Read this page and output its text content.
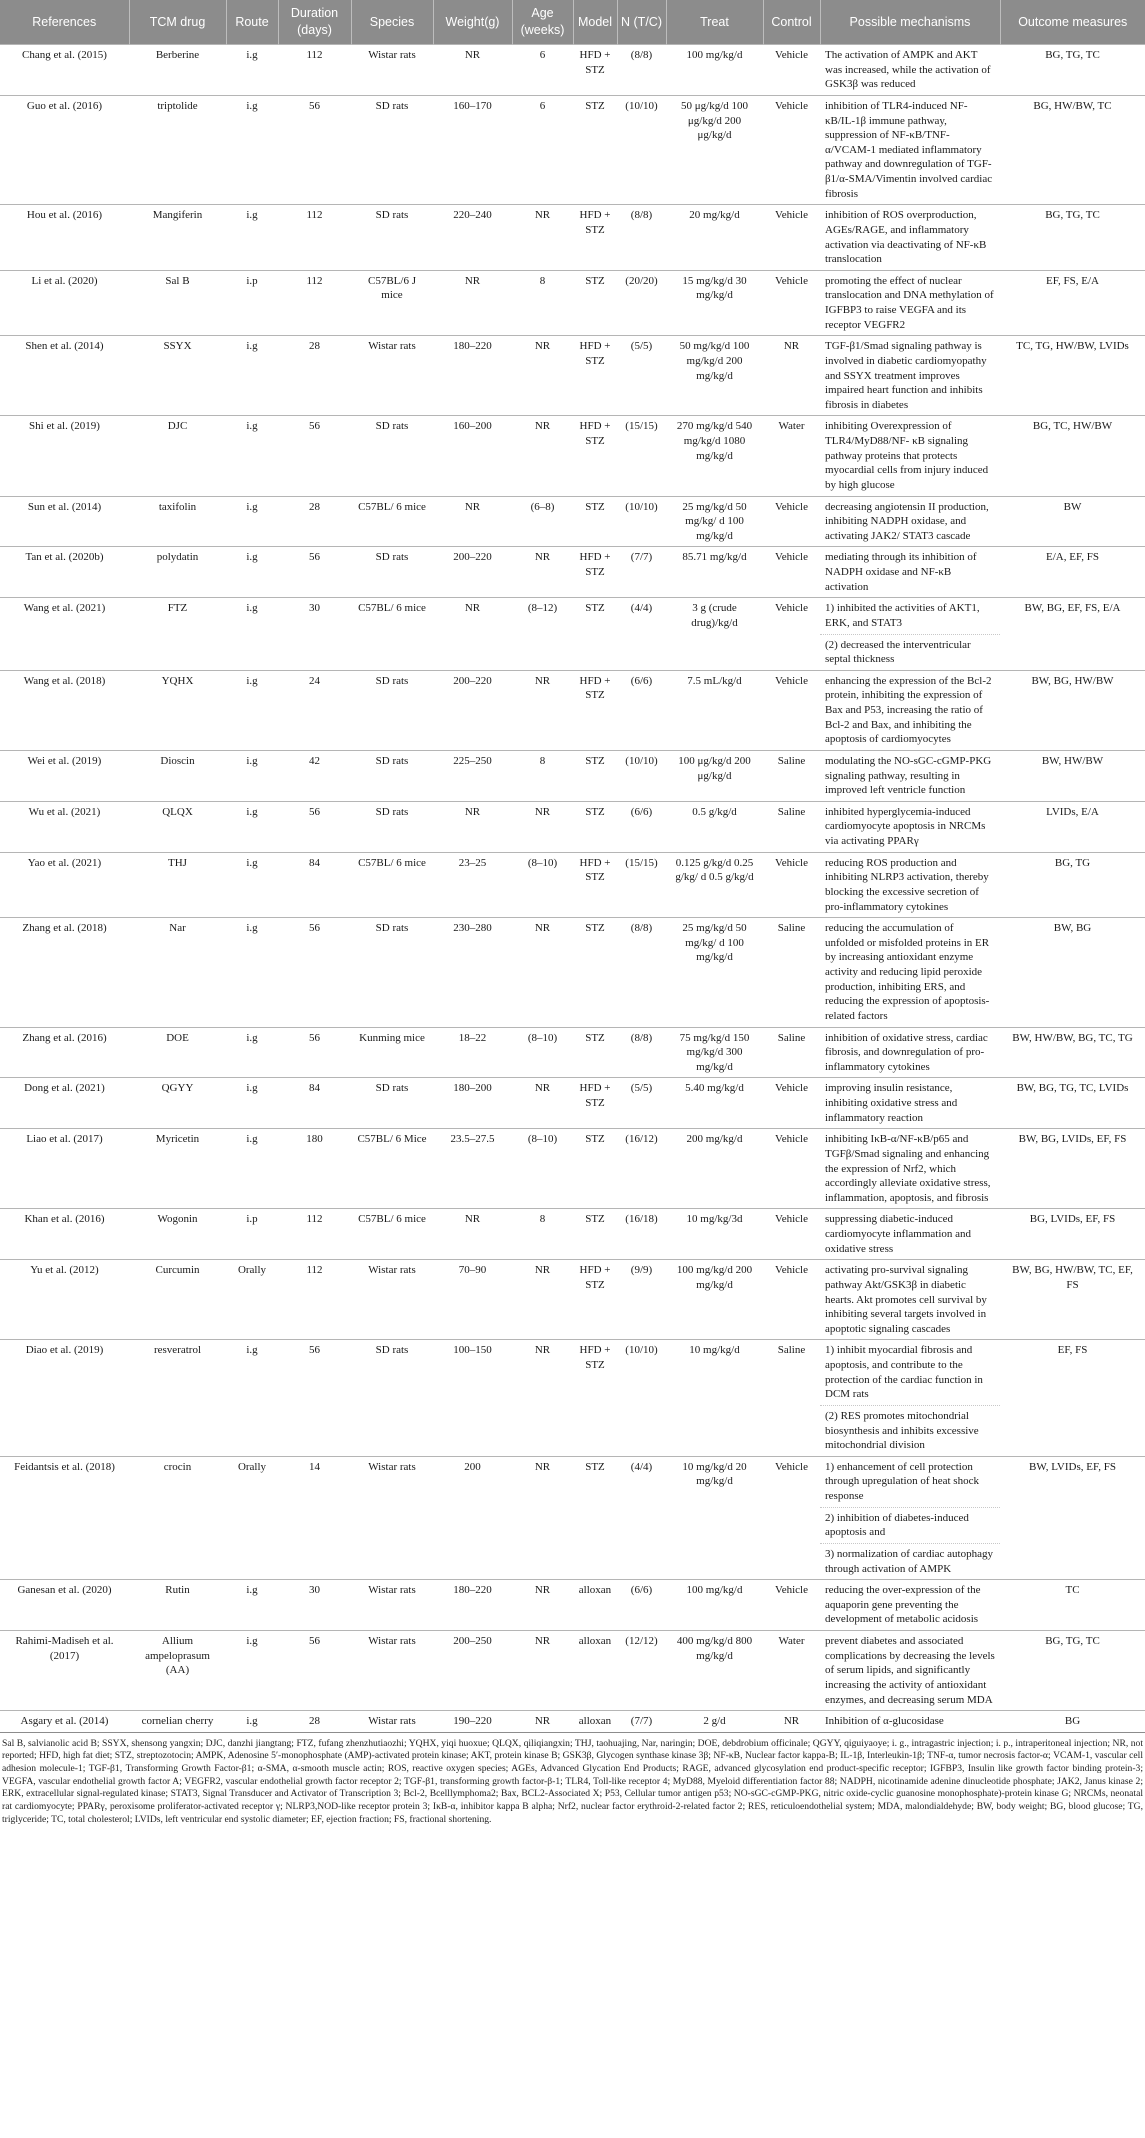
References	TCM drug	Route	Duration (days)	Species	Weight(g)	Age (weeks)	Model	N (T/C)	Treat	Control	Possible mechanisms	Outcome measures
Chang et al. (2015)	Berberine	i.g	112	Wistar rats	NR	6	HFD + STZ	(8/8)	100 mg/kg/d	Vehicle	The activation of AMPK and AKT was increased, while the activation of GSK3β was reduced	BG, TG, TC
Guo et al. (2016)	triptolide	i.g	56	SD rats	160–170	6	STZ	(10/10)	50 μg/kg/d 100 μg/kg/d 200 μg/kg/d	Vehicle	inhibition of TLR4-induced NF-κB/IL-1β immune pathway, suppression of NF-κB/TNF-α/VCAM-1 mediated inflammatory pathway and downregulation of TGF-β1/α-SMA/Vimentin involved cardiac fibrosis	BG, HW/BW, TC
Hou et al. (2016)	Mangiferin	i.g	112	SD rats	220–240	NR	HFD + STZ	(8/8)	20 mg/kg/d	Vehicle	inhibition of ROS overproduction, AGEs/RAGE, and inflammatory activation via deactivating of NF-κB translocation	BG, TG, TC
Li et al. (2020)	Sal B	i.p	112	C57BL/6 J mice	NR	8	STZ	(20/20)	15 mg/kg/d 30 mg/kg/d	Vehicle	promoting the effect of nuclear translocation and DNA methylation of IGFBP3 to raise VEGFA and its receptor VEGFR2	EF, FS, E/A
Shen et al. (2014)	SSYX	i.g	28	Wistar rats	180–220	NR	HFD + STZ	(5/5)	50 mg/kg/d 100 mg/kg/d 200 mg/kg/d	NR	TGF-β1/Smad signaling pathway is involved in diabetic cardiomyopathy and SSYX treatment improves impaired heart function and inhibits fibrosis in diabetes	TC, TG, HW/BW, LVIDs
Shi et al. (2019)	DJC	i.g	56	SD rats	160–200	NR	HFD + STZ	(15/15)	270 mg/kg/d 540 mg/kg/d 1080 mg/kg/d	Water	inhibiting Overexpression of TLR4/MyD88/NF- κB signaling pathway proteins that protects myocardial cells from injury induced by high glucose	BG, TC, HW/BW
Sun et al. (2014)	taxifolin	i.g	28	C57BL/ 6 mice	NR	(6–8)	STZ	(10/10)	25 mg/kg/d 50 mg/kg/ d 100 mg/kg/d	Vehicle	decreasing angiotensin II production, inhibiting NADPH oxidase, and activating JAK2/ STAT3 cascade	BW
Tan et al. (2020b)	polydatin	i.g	56	SD rats	200–220	NR	HFD + STZ	(7/7)	85.71 mg/kg/d	Vehicle	mediating through its inhibition of NADPH oxidase and NF-κB activation	E/A, EF, FS
Wang et al. (2021)	FTZ	i.g	30	C57BL/ 6 mice	NR	(8–12)	STZ	(4/4)	3 g (crude drug)/kg/d	Vehicle	1) inhibited the activities of AKT1, ERK, and STAT3	BW, BG, EF, FS, E/A
											(2) decreased the interventricular septal thickness	
Wang et al. (2018)	YQHX	i.g	24	SD rats	200–220	NR	HFD + STZ	(6/6)	7.5 mL/kg/d	Vehicle	enhancing the expression of the Bcl-2 protein, inhibiting the expression of Bax and P53, increasing the ratio of Bcl-2 and Bax, and inhibiting the apoptosis of cardiomyocytes	BW, BG, HW/BW
Wei et al. (2019)	Dioscin	i.g	42	SD rats	225–250	8	STZ	(10/10)	100 μg/kg/d 200 μg/kg/d	Saline	modulating the NO-sGC-cGMP-PKG signaling pathway, resulting in improved left ventricle function	BW, HW/BW
Wu et al. (2021)	QLQX	i.g	56	SD rats	NR	NR	STZ	(6/6)	0.5 g/kg/d	Saline	inhibited hyperglycemia-induced cardiomyocyte apoptosis in NRCMs via activating PPARγ	LVIDs, E/A
Yao et al. (2021)	THJ	i.g	84	C57BL/ 6 mice	23–25	(8–10)	HFD + STZ	(15/15)	0.125 g/kg/d 0.25 g/kg/ d 0.5 g/kg/d	Vehicle	reducing ROS production and inhibiting NLRP3 activation, thereby blocking the excessive secretion of pro-inflammatory cytokines	BG, TG
Zhang et al. (2018)	Nar	i.g	56	SD rats	230–280	NR	STZ	(8/8)	25 mg/kg/d 50 mg/kg/ d 100 mg/kg/d	Saline	reducing the accumulation of unfolded or misfolded proteins in ER by increasing antioxidant enzyme activity and reducing lipid peroxide production, inhibiting ERS, and reducing the expression of apoptosis-related factors	BW, BG
Zhang et al. (2016)	DOE	i.g	56	Kunming mice	18–22	(8–10)	STZ	(8/8)	75 mg/kg/d 150 mg/kg/d 300 mg/kg/d	Saline	inhibition of oxidative stress, cardiac fibrosis, and downregulation of pro-inflammatory cytokines	BW, HW/BW, BG, TC, TG
Dong et al. (2021)	QGYY	i.g	84	SD rats	180–200	NR	HFD + STZ	(5/5)	5.40 mg/kg/d	Vehicle	improving insulin resistance, inhibiting oxidative stress and inflammatory reaction	BW, BG, TG, TC, LVIDs
Liao et al. (2017)	Myricetin	i.g	180	C57BL/ 6 Mice	23.5–27.5	(8–10)	STZ	(16/12)	200 mg/kg/d	Vehicle	inhibiting IκB-α/NF-κB/p65 and TGFβ/Smad signaling and enhancing the expression of Nrf2, which accordingly alleviate oxidative stress, inflammation, apoptosis, and fibrosis	BW, BG, LVIDs, EF, FS
Khan et al. (2016)	Wogonin	i.p	112	C57BL/ 6 mice	NR	8	STZ	(16/18)	10 mg/kg/3d	Vehicle	suppressing diabetic-induced cardiomyocyte inflammation and oxidative stress	BG, LVIDs, EF, FS
Yu et al. (2012)	Curcumin	Orally	112	Wistar rats	70–90	NR	HFD + STZ	(9/9)	100 mg/kg/d 200 mg/kg/d	Vehicle	activating pro-survival signaling pathway Akt/GSK3β in diabetic hearts. Akt promotes cell survival by inhibiting several targets involved in apoptotic signaling cascades	BW, BG, HW/BW, TC, EF, FS
Diao et al. (2019)	resveratrol	i.g	56	SD rats	100–150	NR	HFD + STZ	(10/10)	10 mg/kg/d	Saline	1) inhibit myocardial fibrosis and apoptosis, and contribute to the protection of the cardiac function in DCM rats	EF, FS
											(2) RES promotes mitochondrial biosynthesis and inhibits excessive mitochondrial division	
Feidantsis et al. (2018)	crocin	Orally	14	Wistar rats	200	NR	STZ	(4/4)	10 mg/kg/d 20 mg/kg/d	Vehicle	1) enhancement of cell protection through upregulation of heat shock response	BW, LVIDs, EF, FS
											2) inhibition of diabetes-induced apoptosis and	
											3) normalization of cardiac autophagy through activation of AMPK	
Ganesan et al. (2020)	Rutin	i.g	30	Wistar rats	180–220	NR	alloxan	(6/6)	100 mg/kg/d	Vehicle	reducing the over-expression of the aquaporin gene preventing the development of metabolic acidosis	TC
Rahimi-Madiseh et al. (2017)	Allium ampeloprasum (AA)	i.g	56	Wistar rats	200–250	NR	alloxan	(12/12)	400 mg/kg/d 800 mg/kg/d	Water	prevent diabetes and associated complications by decreasing the levels of serum lipids, and significantly increasing the activity of antioxidant enzymes, and decreasing serum MDA	BG, TG, TC
Asgary et al. (2014)	cornelian cherry	i.g	28	Wistar rats	190–220	NR	alloxan	(7/7)	2 g/d	NR	Inhibition of α-glucosidase	BG
Sal B, salvianolic acid B; SSYX, shensong yangxin; DJC, danzhi jiangtang; FTZ, fufang zhenzhutiaozhi; YQHX, yiqi huoxue; QLQX, qiliqiangxin; THJ, taohuajing, Nar, naringin; DOE, debdrobium officinale; QGYY, qiguiyaoye; i. g., intragastric injection; i. p., intraperitoneal injection; NR, not reported; HFD, high fat diet; STZ, streptozotocin; AMPK, Adenosine 5′-monophosphate (AMP)-activated protein kinase; AKT, protein kinase B; GSK3β, Glycogen synthase kinase 3β; NF-κB, Nuclear factor kappa-B; IL-1β, Interleukin-1β; TNF-α, tumor necrosis factor-α; VCAM-1, vascular cell adhesion molecule-1; TGF-β1, Transforming Growth Factor-β1; α-SMA, α-smooth muscle actin; ROS, reactive oxygen species; AGEs, Advanced Glycation End Products; RAGE, advanced glycosylation end product-specific receptor; IGFBP3, Insulin like growth factor binding protein-3; VEGFA, vascular endothelial growth factor A; VEGFR2, vascular endothelial growth factor receptor 2; TGF-β1, transforming growth factor-β-1; TLR4, Toll-like receptor 4; MyD88, Myeloid differentiation factor 88; NADPH, nicotinamide adenine dinucleotide phosphate; JAK2, Janus kinase 2; ERK, extracellular signal-regulated kinase; STAT3, Signal Transducer and Activator of Transcription 3; Bcl-2, Bcelllymphoma2; Bax, BCL2-Associated X; P53, Cellular tumor antigen p53; NO-sGC-cGMP-PKG, nitric oxide-cyclic guanosine monophosphate)-protein kinase G; NRCMs, neonatal rat cardiomyocyte; PPARγ, peroxisome proliferator-activated receptor γ; NLRP3,NOD-like receptor protein 3; IκB-α, inhibitor kappa B alpha; Nrf2, nuclear factor erythroid-2-related factor 2; RES, reticuloendothelial system; MDA, malondialdehyde; BW, body weight; BG, blood glucose; TG, triglyceride; TC, total cholesterol; LVIDs, left ventricular end systolic diameter; EF, ejection fraction; FS, fractional shortening.
